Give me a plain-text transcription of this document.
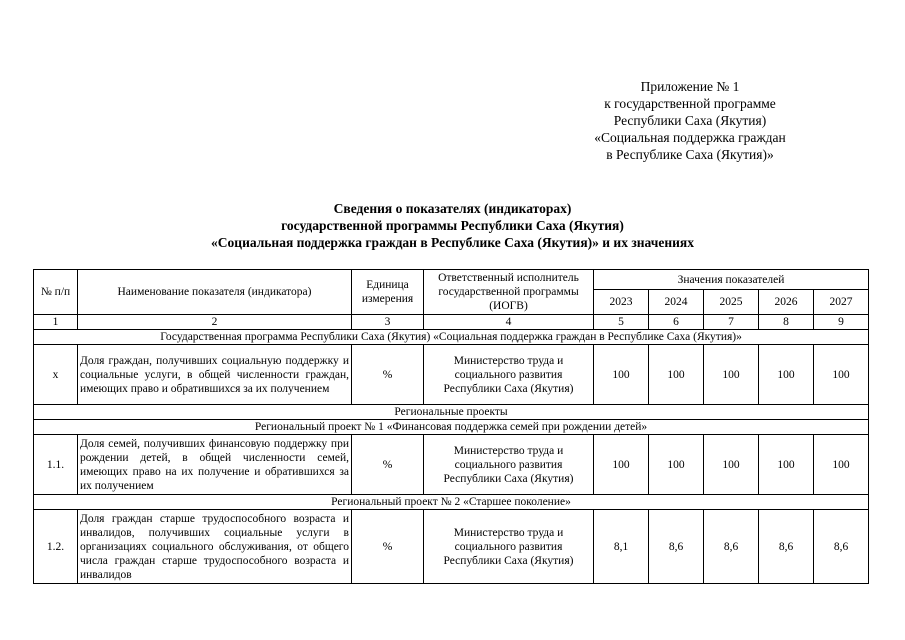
Приложение № 1
к государственной программе
Республики Саха (Якутия)
«Социальная поддержка граждан
в Республике Саха (Якутия)»
Сведения о показателях (индикаторах)
государственной программы Республики Саха (Якутия)
«Социальная поддержка граждан в Республике Саха (Якутия)» и их значениях
№ п/п	Наименование показателя (индикатора)	Единица измерения	Ответственный исполнитель государственной программы (ИОГВ)	Значения показателей				
				2023	2024	2025	2026	2027
1	2	3	4	5	6	7	8	9
Государственная программа Республики Саха (Якутия) «Социальная поддержка граждан в Республике Саха (Якутия)»								
x	Доля граждан, получивших социальную поддержку и социальные услуги, в общей численности граждан, имеющих право и обратившихся за их получением	%	Министерство труда и социального развития Республики Саха (Якутия)	100	100	100	100	100
Региональные проекты								
Региональный проект № 1 «Финансовая поддержка семей при рождении детей»								
1.1.	Доля семей, получивших финансовую поддержку при рождении детей, в общей численности семей, имеющих право на их получение и обратившихся за их получением	%	Министерство труда и социального развития Республики Саха (Якутия)	100	100	100	100	100
Региональный проект № 2 «Старшее поколение»								
1.2.	Доля граждан старше трудоспособного возраста и инвалидов, получивших социальные услуги в организациях социального обслуживания, от общего числа граждан старше трудоспособного возраста и инвалидов	%	Министерство труда и социального развития Республики Саха (Якутия)	8,1	8,6	8,6	8,6	8,6
